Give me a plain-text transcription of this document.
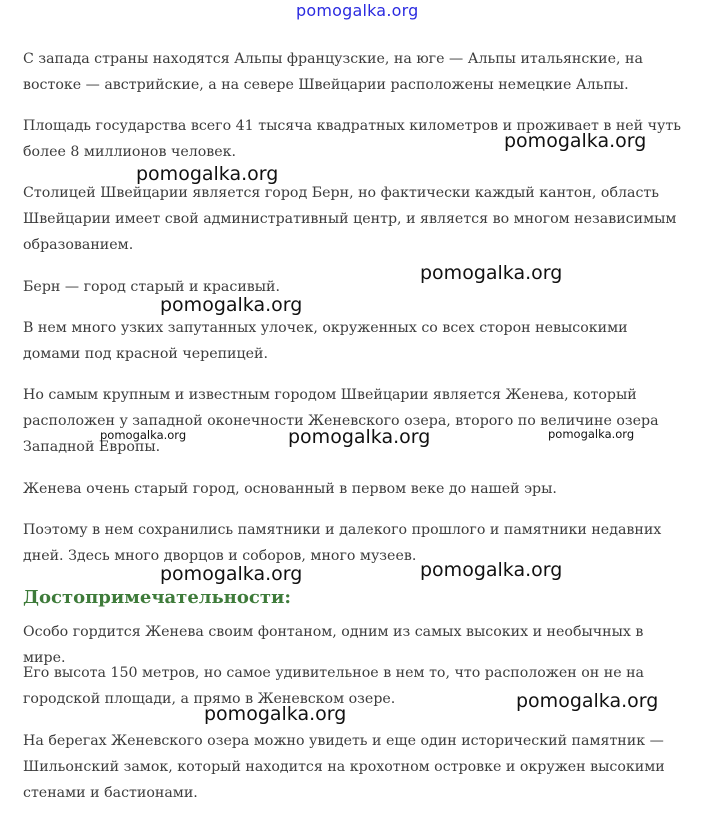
pomogalka.org

С запада страны находятся Альпы французские, на юге — Альпы итальянские, на востоке — австрийские, а на севере Швейцарии расположены немецкие Альпы.

Площадь государства всего 41 тысяча квадратных километров и проживает в ней чуть более 8 миллионов человек.

Столицей Швейцарии является город Берн, но фактически каждый кантон, область Швейцарии имеет свой административный центр, и является во многом независимым образованием.

Берн — город старый и красивый.

В нем много узких запутанных улочек, окруженных со всех сторон невысокими домами под красной черепицей.

Но самым крупным и известным городом Швейцарии является Женева, который расположен у западной оконечности Женевского озера, второго по величине озера Западной Европы.

Женева очень старый город, основанный в первом веке до нашей эры.

Поэтому в нем сохранились памятники и далекого прошлого и памятники недавних дней. Здесь много дворцов и соборов, много музеев.

Достопримечательности:

Особо гордится Женева своим фонтаном, одним из самых высоких и необычных в мире.

Его высота 150 метров, но самое удивительное в нем то, что расположен он не на городской площади, а прямо в Женевском озере.

На берегах Женевского озера можно увидеть и еще один исторический памятник — Шильонский замок, который находится на крохотном островке и окружен высокими стенами и бастионами.

pomogalka.org
pomogalka.org
pomogalka.org
pomogalka.org
pomogalka.org	pomogalka.org	pomogalka.org
pomogalka.org	pomogalka.org
pomogalka.org
pomogalka.org
